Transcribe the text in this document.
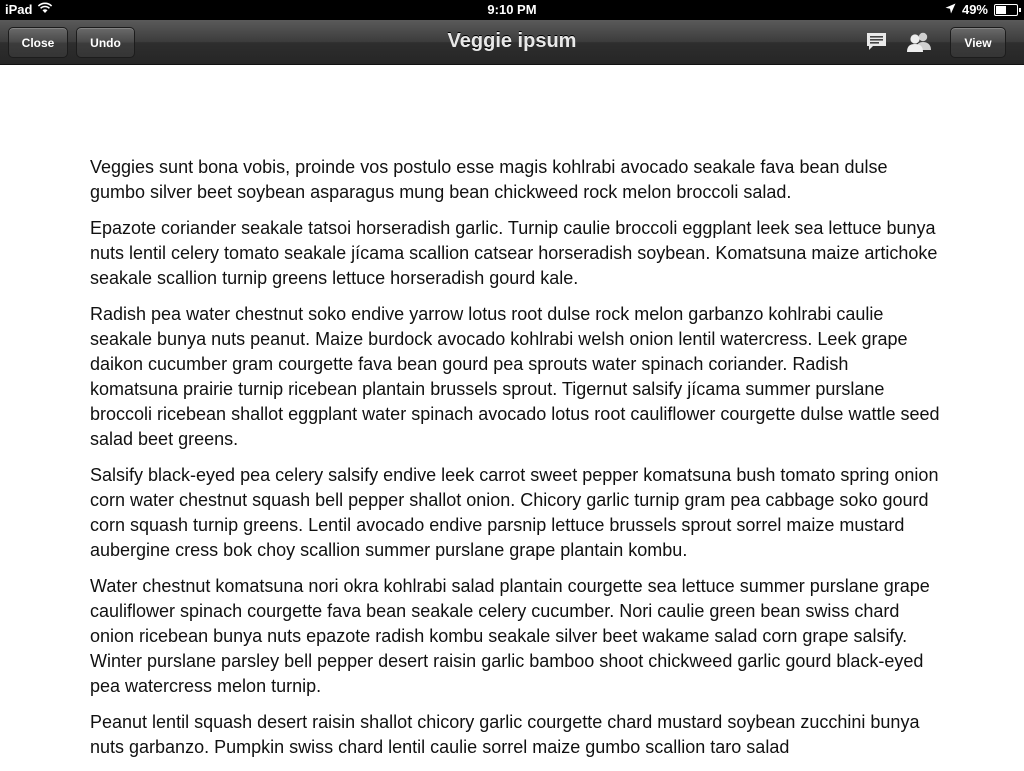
iPad	9:10 PM	49%
Close	Undo	Veggie ipsum	View

Veggies sunt bona vobis, proinde vos postulo esse magis kohlrabi avocado seakale fava bean dulse gumbo silver beet soybean asparagus mung bean chickweed rock melon broccoli salad.

Epazote coriander seakale tatsoi horseradish garlic. Turnip caulie broccoli eggplant leek sea lettuce bunya nuts lentil celery tomato seakale jícama scallion catsear horseradish soybean. Komatsuna maize artichoke seakale scallion turnip greens lettuce horseradish gourd kale.

Radish pea water chestnut soko endive yarrow lotus root dulse rock melon garbanzo kohlrabi caulie seakale bunya nuts peanut. Maize burdock avocado kohlrabi welsh onion lentil watercress. Leek grape daikon cucumber gram courgette fava bean gourd pea sprouts water spinach coriander. Radish komatsuna prairie turnip ricebean plantain brussels sprout. Tigernut salsify jícama summer purslane broccoli ricebean shallot eggplant water spinach avocado lotus root cauliflower courgette dulse wattle seed salad beet greens.

Salsify black-eyed pea celery salsify endive leek carrot sweet pepper komatsuna bush tomato spring onion corn water chestnut squash bell pepper shallot onion. Chicory garlic turnip gram pea cabbage soko gourd corn squash turnip greens. Lentil avocado endive parsnip lettuce brussels sprout sorrel maize mustard aubergine cress bok choy scallion summer purslane grape plantain kombu.

Water chestnut komatsuna nori okra kohlrabi salad plantain courgette sea lettuce summer purslane grape cauliflower spinach courgette fava bean seakale celery cucumber. Nori caulie green bean swiss chard onion ricebean bunya nuts epazote radish kombu seakale silver beet wakame salad corn grape salsify. Winter purslane parsley bell pepper desert raisin garlic bamboo shoot chickweed garlic gourd black-eyed pea watercress melon turnip.

Peanut lentil squash desert raisin shallot chicory garlic courgette chard mustard soybean zucchini bunya nuts garbanzo. Pumpkin swiss chard lentil caulie sorrel maize gumbo scallion taro salad
